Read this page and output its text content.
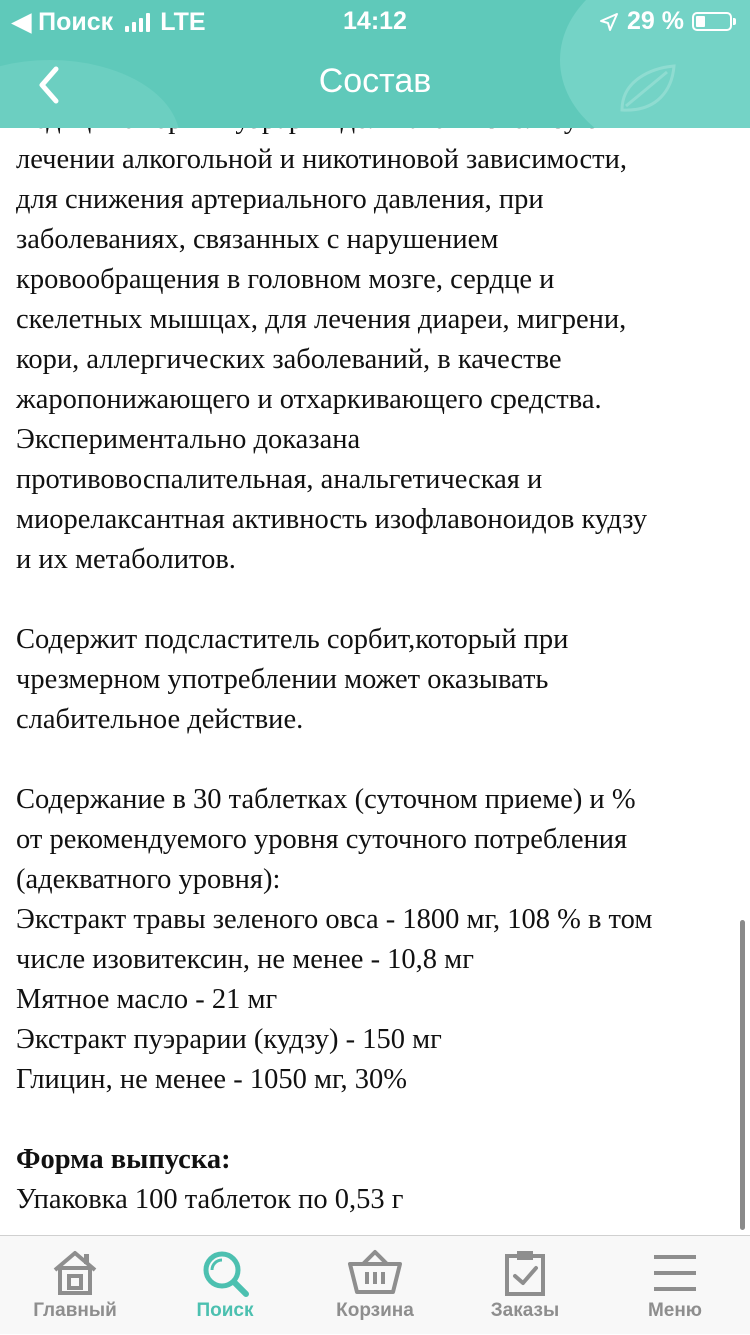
лечении алкогольной и никотиновой зависимости,
для снижения артериального давления, при
заболеваниях, связанных с нарушением
кровообращения в головном мозге, сердце и
скелетных мышцах, для лечения диареи, мигрени,
кори, аллергических заболеваний, в качестве
жаропонижающего и отхаркивающего средства.
Экспериментально доказана
противовоспалительная, анальгетическая и
миорелаксантная активность изофлавоноидов кудзу
и их метаболитов.
Содержит подсластитель сорбит,который при
чрезмерном употреблении может оказывать
слабительное действие.
Содержание в 30 таблетках (суточном приеме) и %
от рекомендуемого уровня суточного потребления
(адекватного уровня):
Экстракт травы зеленого овса - 1800 мг, 108 % в том
числе изовитексин, не менее - 10,8 мг
Мятное масло - 21 мг
Экстракт пуэрарии (кудзу) - 150 мг
Глицин, не менее - 1050 мг, 30%
Форма выпуска:
Упаковка 100 таблеток по 0,53 г
◀ Поиск LTE	14:12	29 %
Состав
Главный	Поиск	Корзина	Заказы	Меню
